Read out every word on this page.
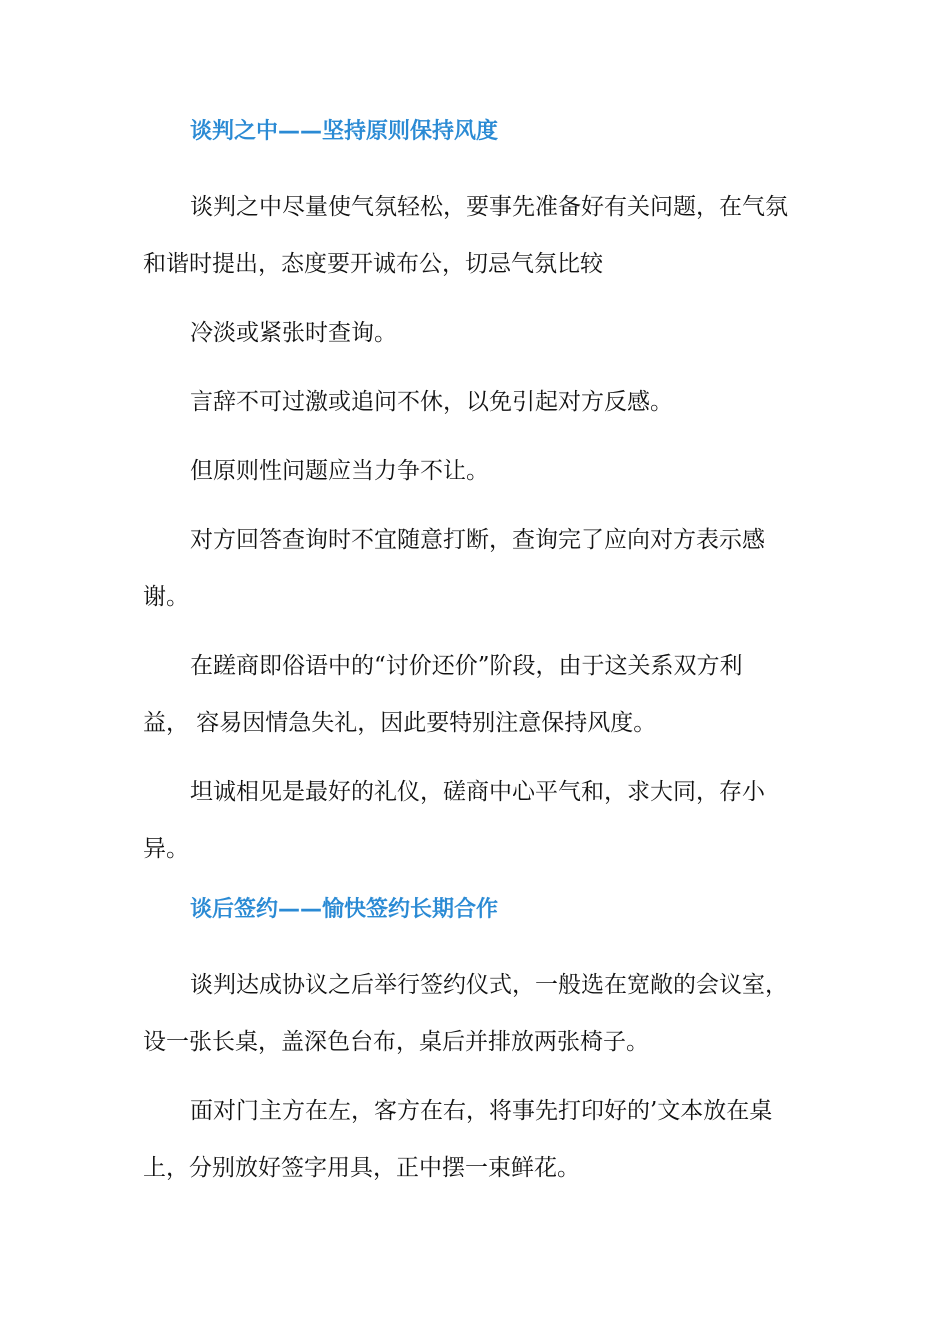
谈判之中——坚持原则保持风度
谈判之中尽量使气氛轻松，要事先准备好有关问题，在气氛
和谐时提出，态度要开诚布公，切忌气氛比较
冷淡或紧张时查询。
言辞不可过激或追问不休，以免引起对方反感。
但原则性问题应当力争不让。
对方回答查询时不宜随意打断，查询完了应向对方表示感
谢。
在蹉商即俗语中的“讨价还价”阶段，由于这关系双方利
益， 容易因情急失礼，因此要特别注意保持风度。
坦诚相见是最好的礼仪，磋商中心平气和，求大同，存小
异。
谈后签约——愉快签约长期合作
谈判达成协议之后举行签约仪式，一般选在宽敞的会议室，
设一张长桌，盖深色台布，桌后并排放两张椅子。
面对门主方在左，客方在右，将事先打印好的’文本放在桌
上，分别放好签字用具，正中摆一束鲜花。
